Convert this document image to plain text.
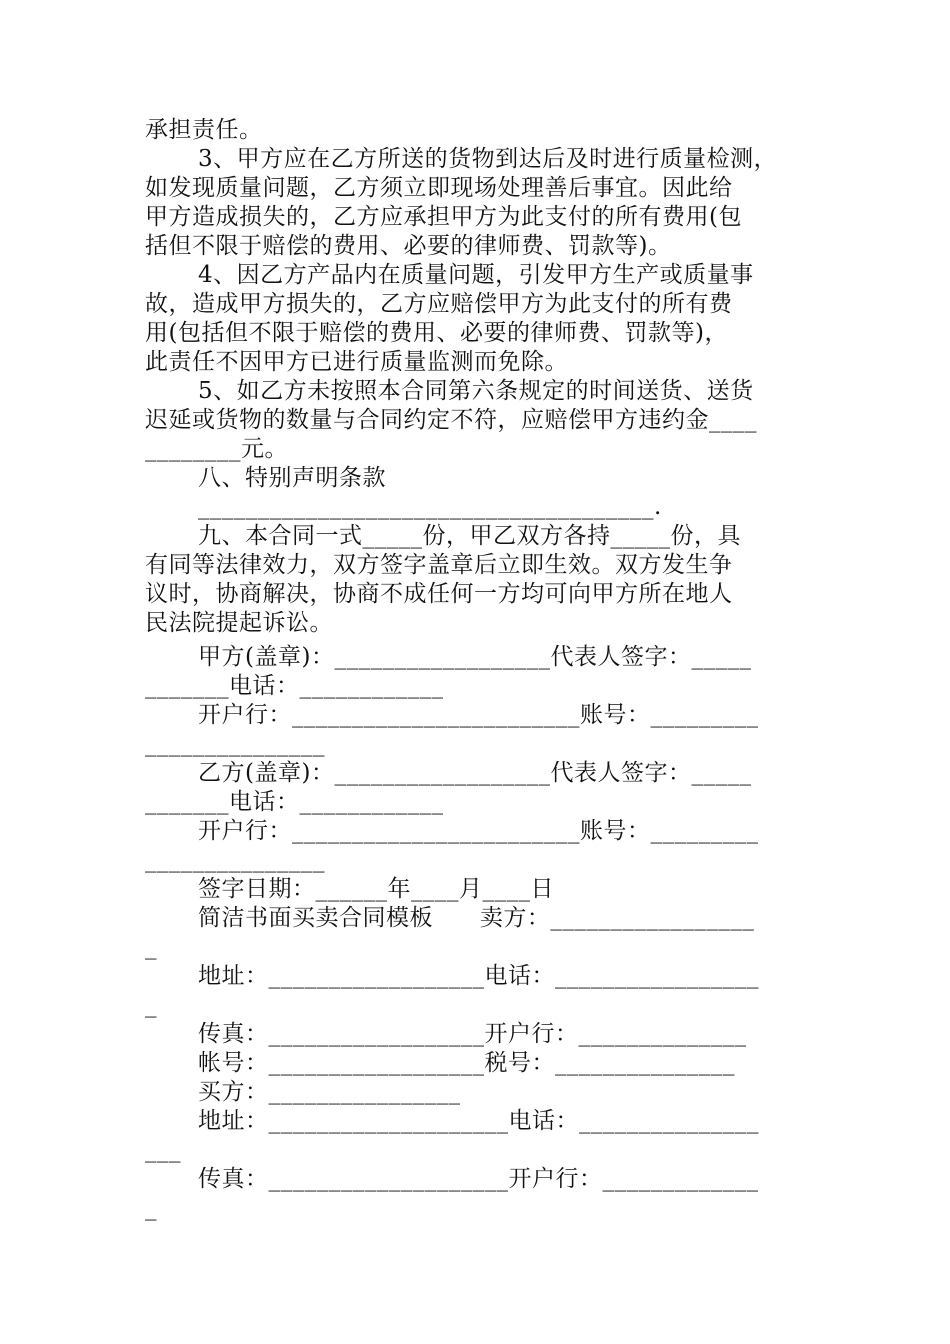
承担责任。
3、甲方应在乙方所送的货物到达后及时进行质量检测，
如发现质量问题，乙方须立即现场处理善后事宜。因此给
甲方造成损失的，乙方应承担甲方为此支付的所有费用(包
括但不限于赔偿的费用、必要的律师费、罚款等)。
4、因乙方产品内在质量问题，引发甲方生产或质量事
故，造成甲方损失的，乙方应赔偿甲方为此支付的所有费
用(包括但不限于赔偿的费用、必要的律师费、罚款等)，
此责任不因甲方已进行质量监测而免除。
5、如乙方未按照本合同第六条规定的时间送货、送货
迟延或货物的数量与合同约定不符，应赔偿甲方违约金____
________元。
八、特别声明条款
______________________________________.
九、本合同一式_____份，甲乙双方各持_____份，具
有同等法律效力，双方签字盖章后立即生效。双方发生争
议时，协商解决，协商不成任何一方均可向甲方所在地人
民法院提起诉讼。
甲方(盖章)：__________________代表人签字：_____
_______电话：____________
开户行：________________________账号：_________
_______________
乙方(盖章)：__________________代表人签字：_____
_______电话：____________
开户行：________________________账号：_________
_______________
签字日期：______年____月____日
简洁书面买卖合同模板      卖方：_________________
_
地址：__________________电话：_________________
_
传真：__________________开户行：______________
帐号：__________________税号：_______________
买方：________________
地址：____________________电话：_______________
___
传真：____________________开户行：_____________
_
